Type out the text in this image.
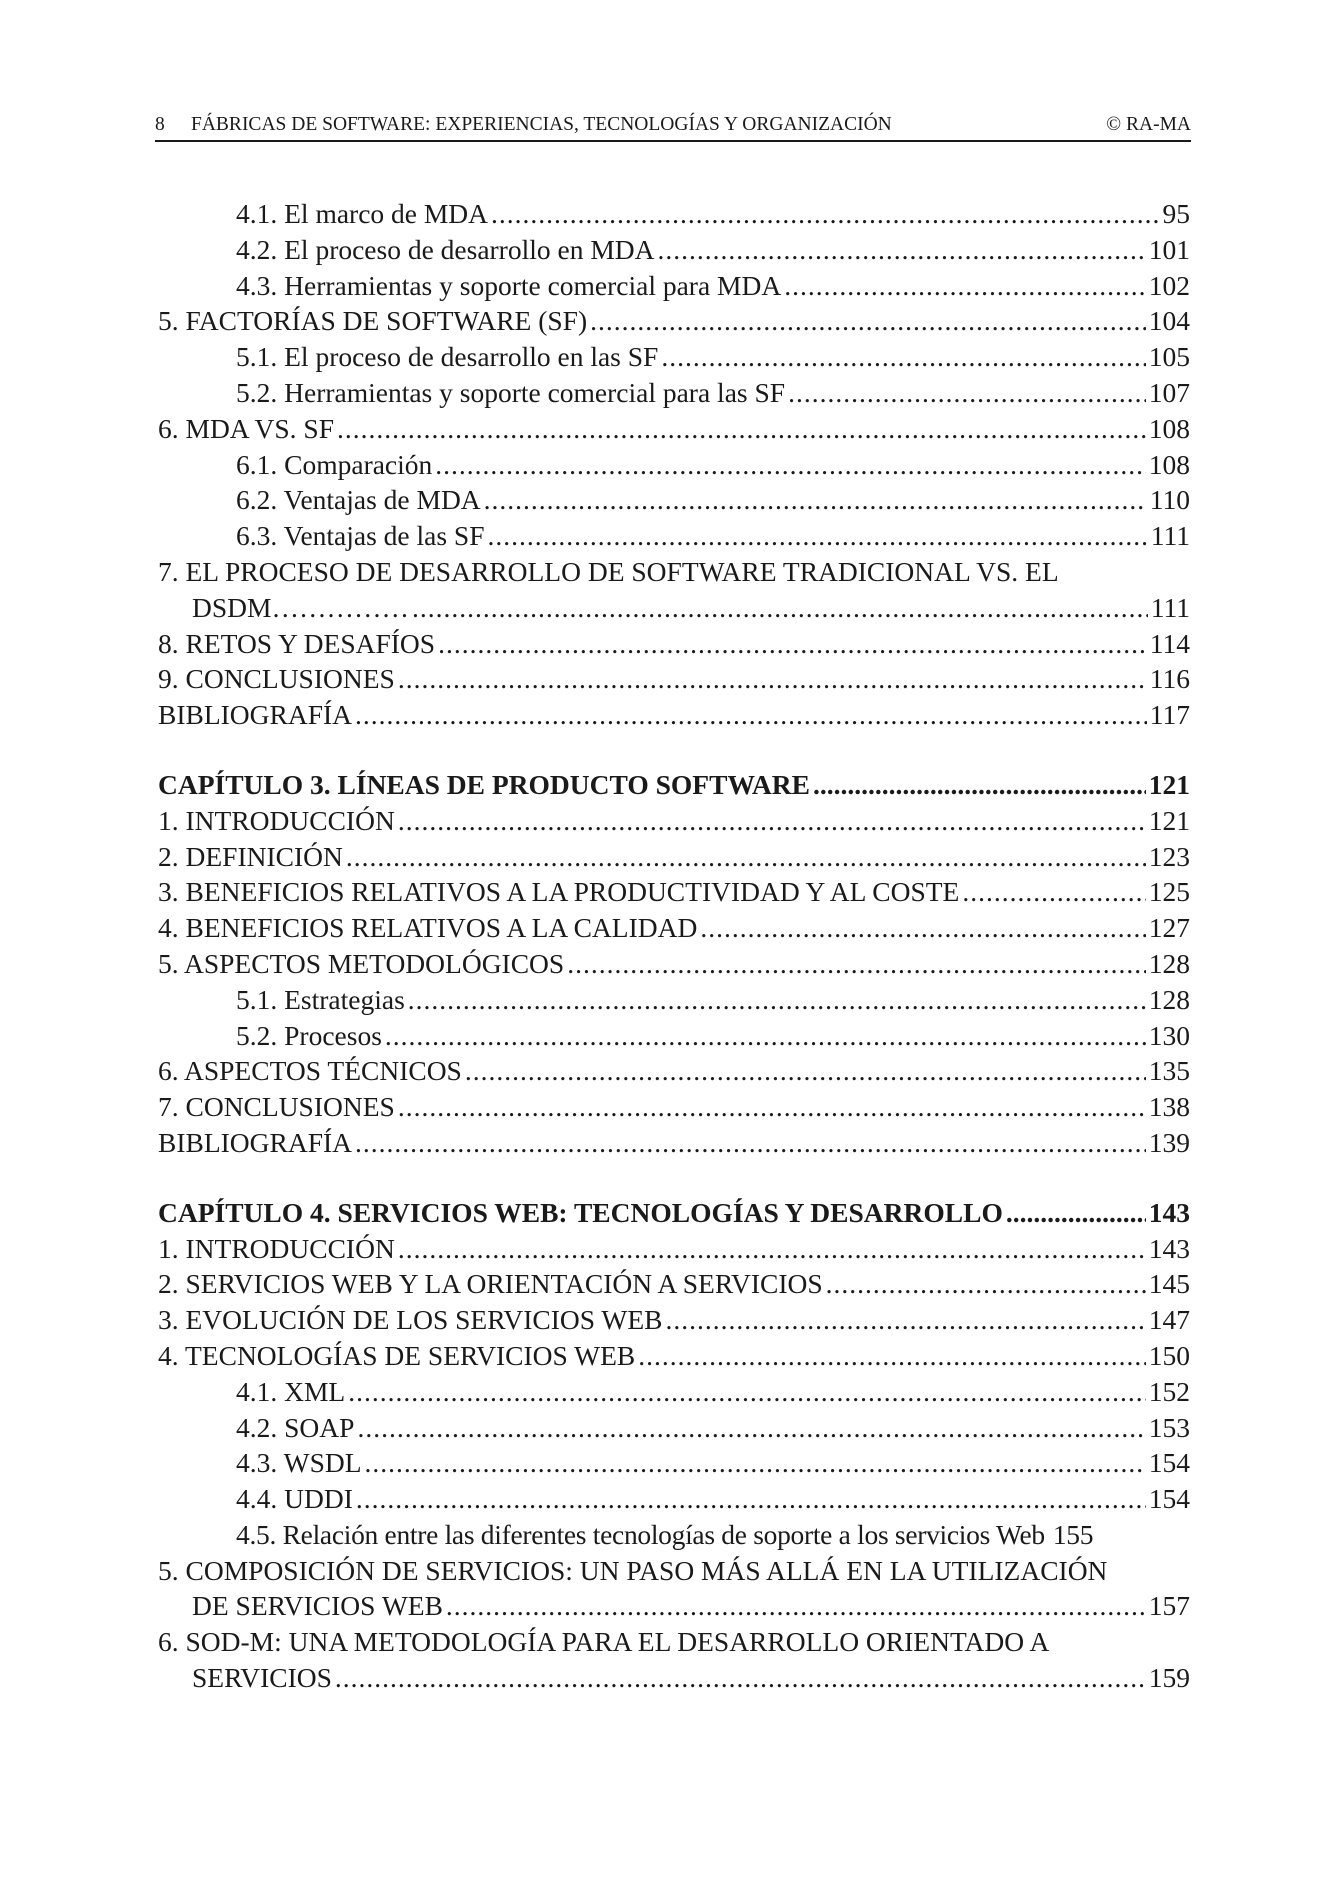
8	FÁBRICAS DE SOFTWARE: EXPERIENCIAS, TECNOLOGÍAS Y ORGANIZACIÓN	© RA-MA
4.1. El marco de MDA .....	95
4.2. El proceso de desarrollo en MDA .....	101
4.3. Herramientas y soporte comercial para MDA .....	102
5. FACTORÍAS DE SOFTWARE (SF) .....	104
5.1. El proceso de desarrollo en las SF .....	105
5.2. Herramientas y soporte comercial para las SF .....	107
6. MDA VS. SF .....	108
6.1. Comparación .....	108
6.2. Ventajas de MDA .....	110
6.3. Ventajas de las SF .....	111
7. EL PROCESO DE DESARROLLO DE SOFTWARE TRADICIONAL VS. EL
DSDM…………… .....	111
8. RETOS Y DESAFÍOS .....	114
9. CONCLUSIONES .....	116
BIBLIOGRAFÍA .....	117
CAPÍTULO 3. LÍNEAS DE PRODUCTO SOFTWARE .....	121
1. INTRODUCCIÓN .....	121
2. DEFINICIÓN .....	123
3. BENEFICIOS RELATIVOS A LA PRODUCTIVIDAD Y AL COSTE .....	125
4. BENEFICIOS RELATIVOS A LA CALIDAD .....	127
5. ASPECTOS METODOLÓGICOS .....	128
5.1. Estrategias .....	128
5.2. Procesos .....	130
6. ASPECTOS TÉCNICOS .....	135
7. CONCLUSIONES .....	138
BIBLIOGRAFÍA .....	139
CAPÍTULO 4. SERVICIOS WEB: TECNOLOGÍAS Y DESARROLLO .....	143
1. INTRODUCCIÓN .....	143
2. SERVICIOS WEB Y LA ORIENTACIÓN A SERVICIOS .....	145
3. EVOLUCIÓN DE LOS SERVICIOS WEB .....	147
4. TECNOLOGÍAS DE SERVICIOS WEB .....	150
4.1. XML .....	152
4.2. SOAP .....	153
4.3. WSDL .....	154
4.4. UDDI .....	154
4.5. Relación entre las diferentes tecnologías de soporte a los servicios Web 155
5. COMPOSICIÓN DE SERVICIOS: UN PASO MÁS ALLÁ EN LA UTILIZACIÓN
DE SERVICIOS WEB .....	157
6. SOD-M: UNA METODOLOGÍA PARA EL DESARROLLO ORIENTADO A
SERVICIOS .....	159
